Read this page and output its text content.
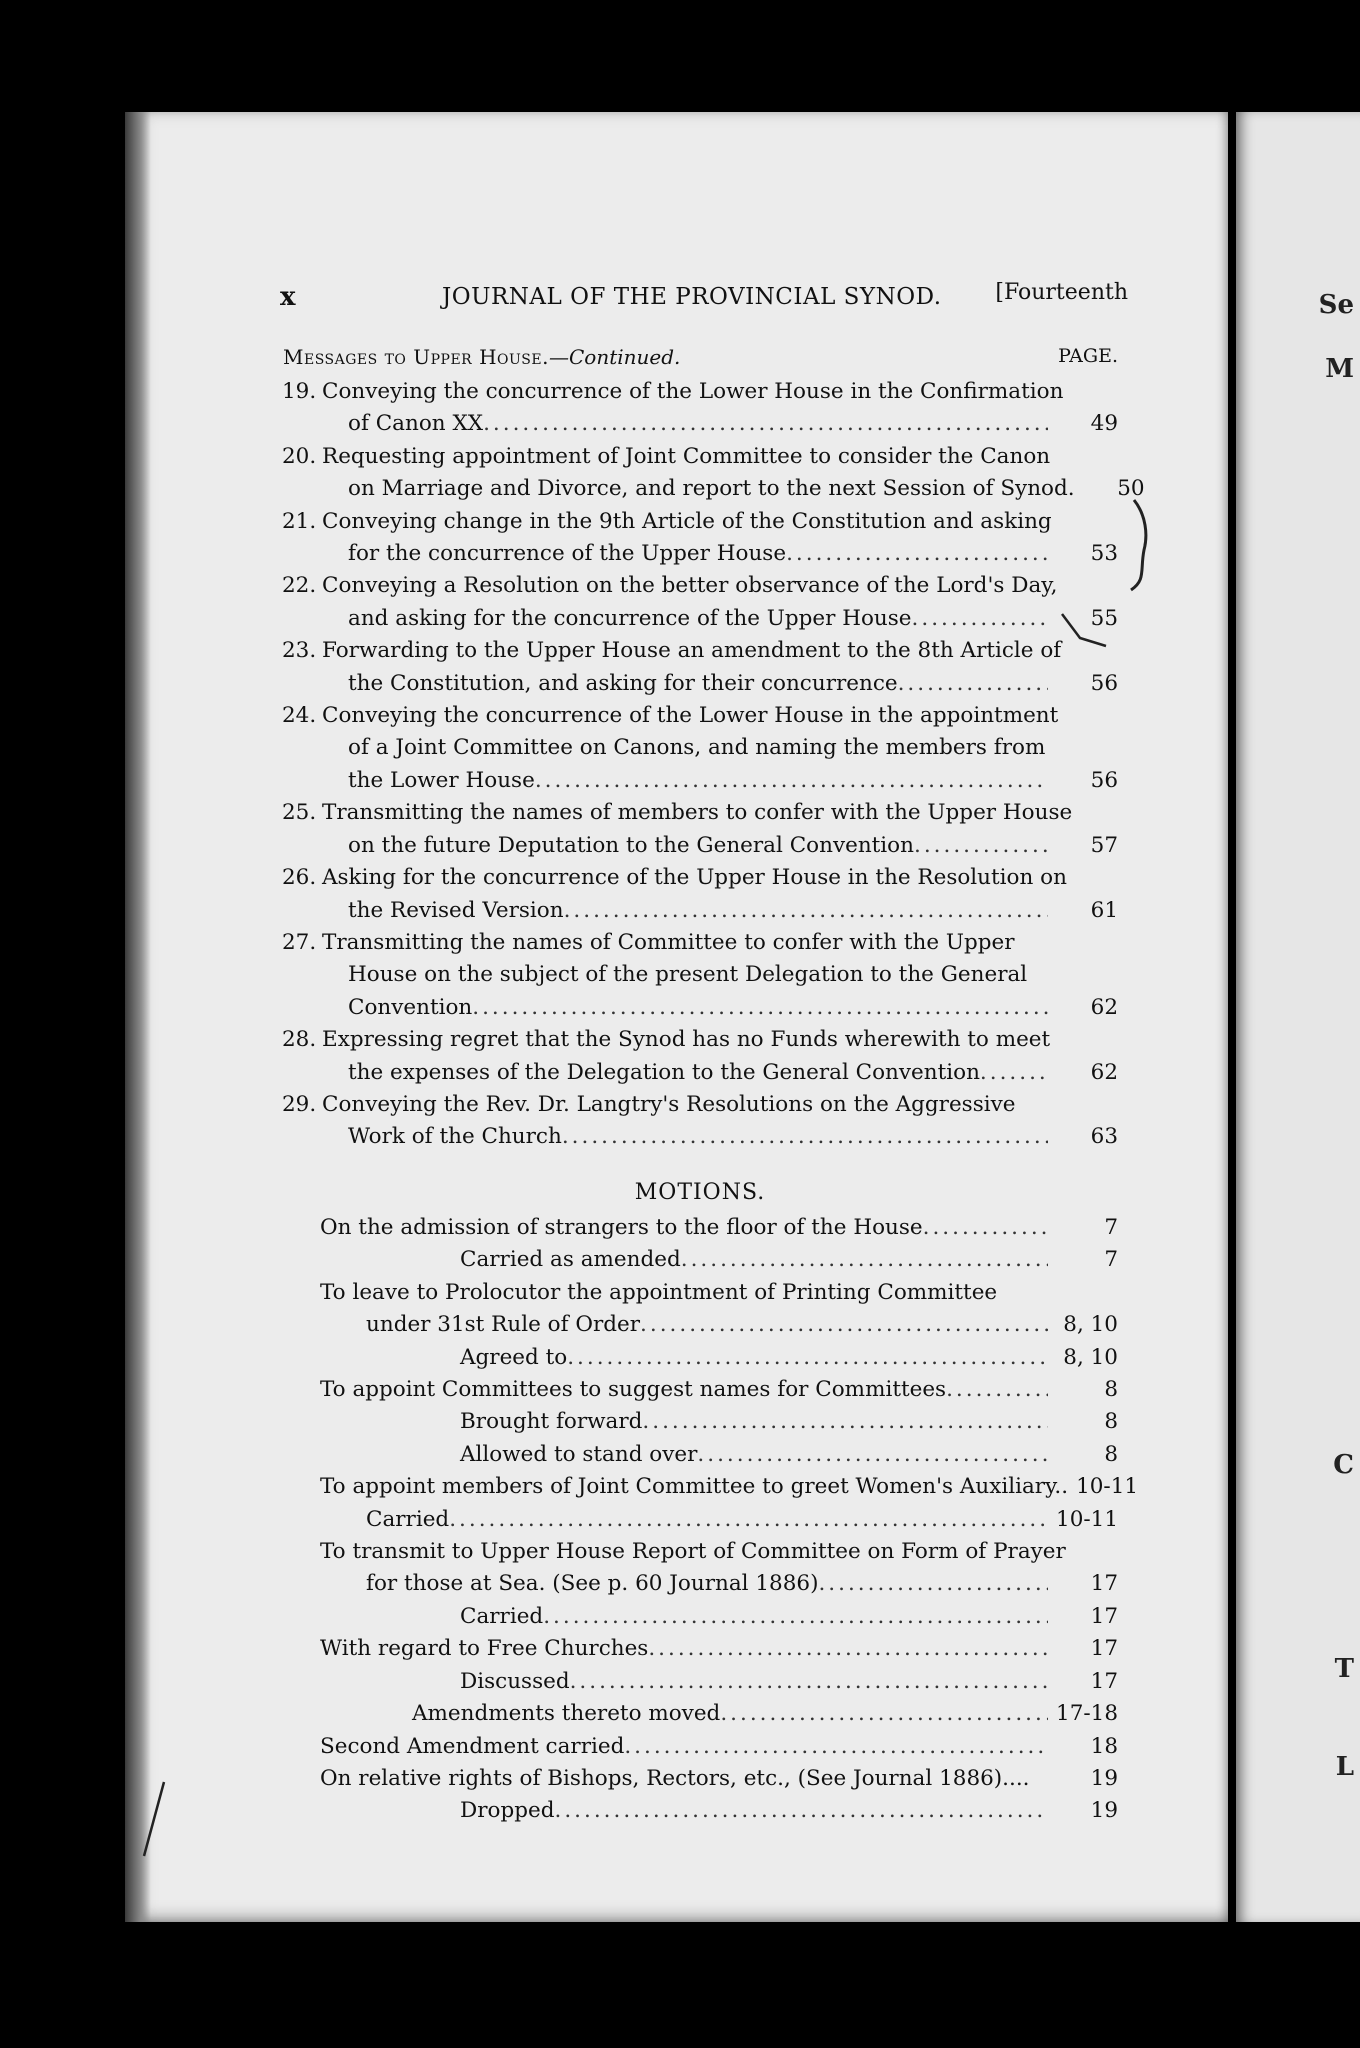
Se
M
C
T
L
x	JOURNAL OF THE PROVINCIAL SYNOD. [Fourteenth
Messages to Upper House.—Continued.	PAGE.
19. Conveying the concurrence of the Lower House in the Confirmation
of Canon XX .....	49
20. Requesting appointment of Joint Committee to consider the Canon
on Marriage and Divorce, and report to the next Session of Synod.	50
21. Conveying change in the 9th Article of the Constitution and asking
for the concurrence of the Upper House .....	53
22. Conveying a Resolution on the better observance of the Lord's Day,
and asking for the concurrence of the Upper House .....	55
23. Forwarding to the Upper House an amendment to the 8th Article of
the Constitution, and asking for their concurrence .....	56
24. Conveying the concurrence of the Lower House in the appointment
of a Joint Committee on Canons, and naming the members from
the Lower House .....	56
25. Transmitting the names of members to confer with the Upper House
on the future Deputation to the General Convention .....	57
26. Asking for the concurrence of the Upper House in the Resolution on
the Revised Version .....	61
27. Transmitting the names of Committee to confer with the Upper
House on the subject of the present Delegation to the General
Convention .....	62
28. Expressing regret that the Synod has no Funds wherewith to meet
the expenses of the Delegation to the General Convention .....	62
29. Conveying the Rev. Dr. Langtry's Resolutions on the Aggressive
Work of the Church .....	63
MOTIONS.
On the admission of strangers to the floor of the House .....	7
Carried as amended .....	7
To leave to Prolocutor the appointment of Printing Committee
under 31st Rule of Order .....	8, 10
Agreed to .....	8, 10
To appoint Committees to suggest names for Committees .....	8
Brought forward .....	8
Allowed to stand over .....	8
To appoint members of Joint Committee to greet Women's Auxiliary.. 10-11
Carried .....	10-11
To transmit to Upper House Report of Committee on Form of Prayer
for those at Sea. (See p. 60 Journal 1886) .....	17
Carried .....	17
With regard to Free Churches .....	17
Discussed .....	17
Amendments thereto moved .....	17-18
Second Amendment carried .....	18
On relative rights of Bishops, Rectors, etc., (See Journal 1886)....	19
Dropped .....	19
